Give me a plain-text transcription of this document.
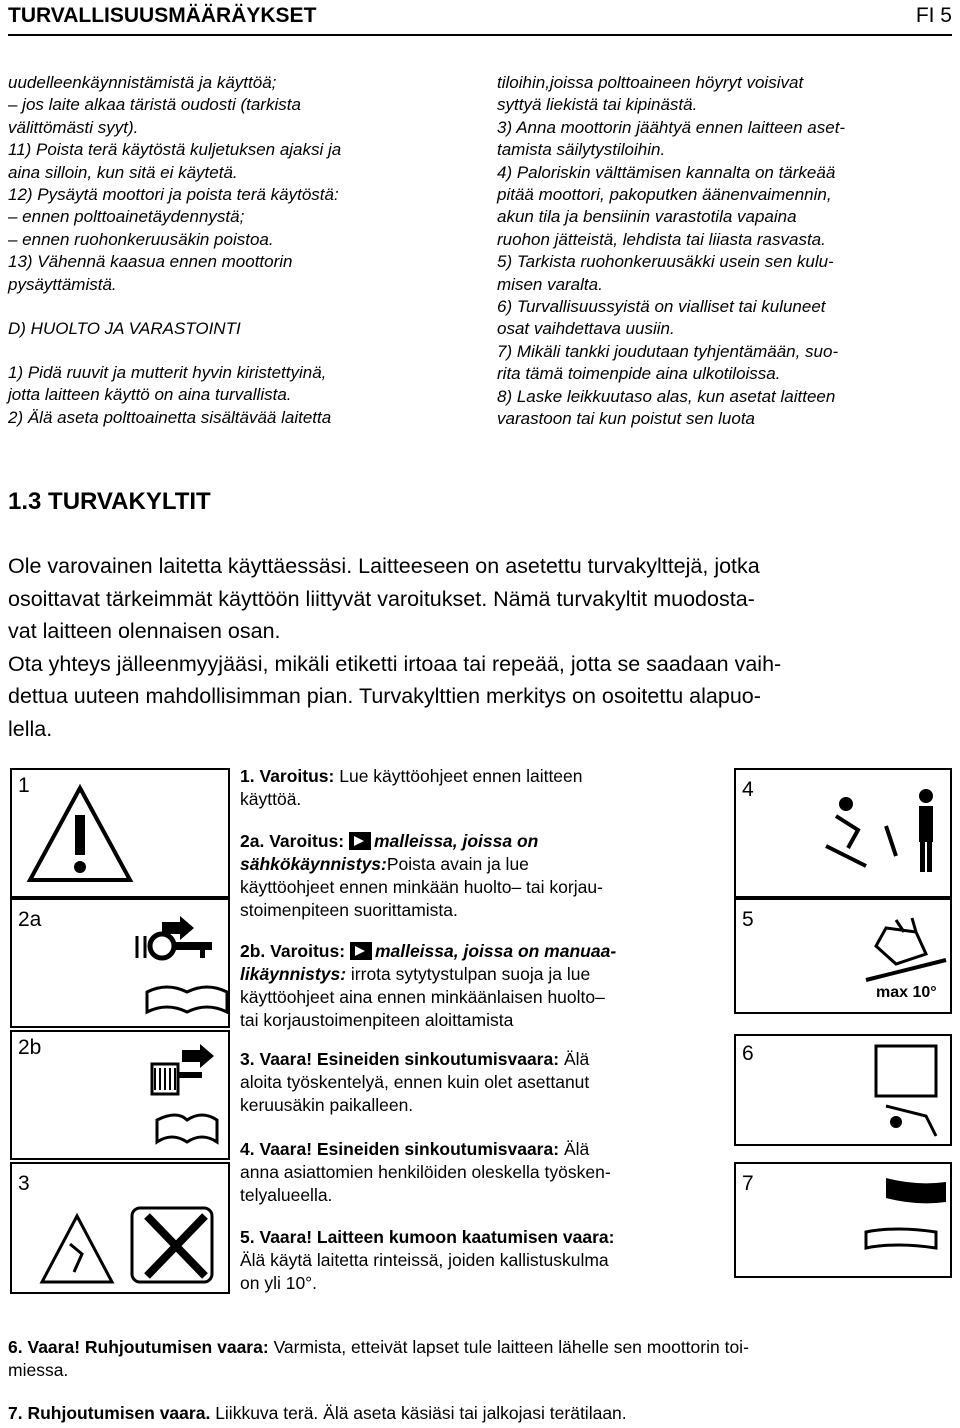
TURVALLISUUSMÄÄRÄYKSET	FI 5
uudelleenkäynnistämistä ja käyttöä;
– jos laite alkaa täristä oudosti (tarkista
välittömästi syyt).
11) Poista terä käytöstä kuljetuksen ajaksi ja
aina silloin, kun sitä ei käytetä.
12) Pysäytä moottori ja poista terä käytöstä:
– ennen polttoainetäydennystä;
– ennen ruohonkeruusäkin poistoa.
13) Vähennä kaasua ennen moottorin
pysäyttämistä.
D) HUOLTO JA VARASTOINTI
1) Pidä ruuvit ja mutterit hyvin kiristettyinä,
jotta laitteen käyttö on aina turvallista.
2) Älä aseta polttoainetta sisältävää laitetta
tiloihin,joissa polttoaineen höyryt voisivat
syttyä liekistä tai kipinästä.
3) Anna moottorin jäähtyä ennen laitteen aset-
tamista säilytystiloihin.
4) Paloriskin välttämisen kannalta on tärkeää
pitää moottori, pakoputken äänenvaimennin,
akun tila ja bensiinin varastotila vapaina
ruohon jätteistä, lehdista tai liiasta rasvasta.
5) Tarkista ruohonkeruusäkki usein sen kulu-
misen varalta.
6) Turvallisuussyistä on vialliset tai kuluneet
osat vaihdettava uusiin.
7) Mikäli tankki joudutaan tyhjentämään, suo-
rita tämä toimenpide aina ulkotiloissa.
8) Laske leikkuutaso alas, kun asetat laitteen
varastoon tai kun poistut sen luota
1.3 TURVAKYLTIT
Ole varovainen laitetta käyttäessäsi. Laitteeseen on asetettu turvakylttejä, jotka
osoittavat tärkeimmät käyttöön liittyvät varoitukset. Nämä turvakyltit muodosta-
vat laitteen olennaisen osan.
Ota yhteys jälleenmyyjääsi, mikäli etiketti irtoaa tai repeää, jotta se saadaan vaih-
dettua uuteen mahdollisimman pian. Turvakylttien merkitys on osoitettu alapuo-
lella.
1
2a
2b
3
4
5
max 10°
6
7
1. Varoitus: Lue käyttöohjeet ennen laitteen
käyttöä.
2a. Varoitus: malleissa, joissa on
sähkökäynnistys:Poista avain ja lue
käyttöohjeet ennen minkään huolto– tai korjau-
stoimenpiteen suorittamista.
2b. Varoitus: malleissa, joissa on manuaa-
likäynnistys: irrota sytytystulpan suoja ja lue
käyttöohjeet aina ennen minkäänlaisen huolto–
tai korjaustoimenpiteen aloittamista
3. Vaara! Esineiden sinkoutumisvaara: Älä
aloita työskentelyä, ennen kuin olet asettanut
keruusäkin paikalleen.
4. Vaara! Esineiden sinkoutumisvaara: Älä
anna asiattomien henkilöiden oleskella työsken-
telyalueella.
5. Vaara! Laitteen kumoon kaatumisen vaara:
Älä käytä laitetta rinteissä, joiden kallistuskulma
on yli 10°.
6. Vaara! Ruhjoutumisen vaara: Varmista, etteivät lapset tule laitteen lähelle sen moottorin toi-
miessa.
7. Ruhjoutumisen vaara. Liikkuva terä. Älä aseta käsiäsi tai jalkojasi terätilaan.
